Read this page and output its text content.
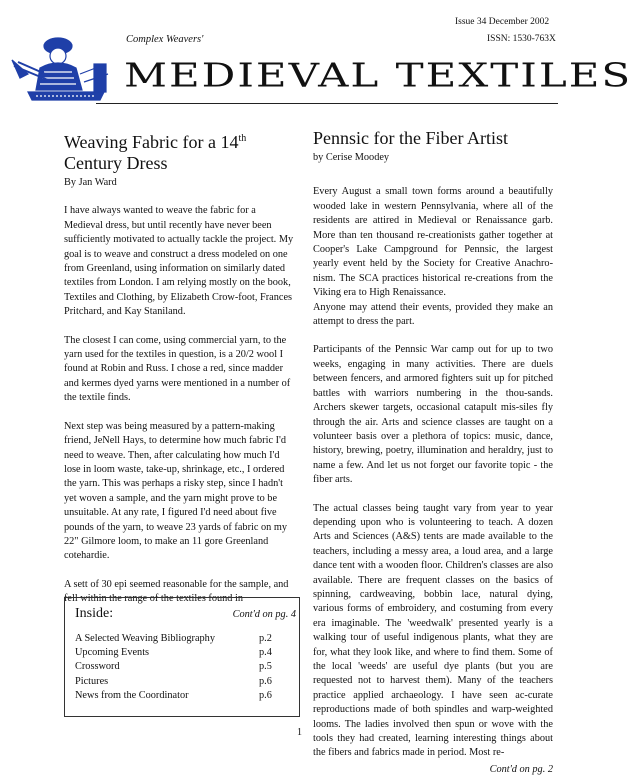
Issue 34 December 2002
ISSN: 1530-763X
Complex Weavers'
MEDIEVAL TEXTILES
Weaving Fabric for a 14th
Century Dress
By Jan Ward

I have always wanted to weave the fabric for a Medieval dress, but until recently have never been sufficiently motivated to actually tackle the project. My goal is to weave and construct a dress modeled on one from Greenland, using information on similarly dated textiles from London. I am relying mostly on the book, Textiles and Clothing, by Elizabeth Crow-foot, Frances Pritchard, and Kay Staniland.

The closest I can come, using commercial yarn, to the yarn used for the textiles in question, is a 20/2 wool I found at Robin and Russ. I chose a red, since madder and kermes dyed yarns were mentioned in a number of the textile finds.

Next step was being measured by a pattern-making friend, JeNell Hays, to determine how much fabric I'd need to weave. Then, after calculating how much I'd lose in loom waste, take-up, shrinkage, etc., I ordered the yarn. This was perhaps a risky step, since I hadn't yet woven a sample, and the yarn might prove to be unsuitable. At any rate, I figured I'd need about five pounds of the yarn, to weave 23 yards of fabric on my 22" Gilmore loom, to make an 11 gore Greenland cotehardie.

A sett of 30 epi seemed reasonable for the sample, and fell within the range of the textiles found in

Cont'd on pg. 4
Pennsic for the Fiber Artist
by Cerise Moodey

Every August a small town forms around a beautifully wooded lake in western Pennsylvania, where all of the residents are attired in Medieval or Renaissance garb. More than ten thousand re-creationists gather together at Cooper's Lake Campground for Pennsic, the largest yearly event held by the Society for Creative Anachro-nism. The SCA practices historical re-creations from the Viking era to High Renaissance.

Anyone may attend their events, provided they make an attempt to dress the part.

Participants of the Pennsic War camp out for up to two weeks, engaging in many activities. There are duels between fencers, and armored fighters suit up for pitched battles with warriors numbering in the thou-sands. Archers skewer targets, occasional catapult mis-siles fly through the air. Arts and science classes are taught on a volunteer basis over a plethora of topics: music, dance, history, brewing, poetry, illumination and heraldry, just to name a few. And let us not forget our favorite topic - the fiber arts.

The actual classes being taught vary from year to year depending upon who is volunteering to teach. A dozen Arts and Sciences (A&S) tents are made available to the teachers, including a messy area, a loud area, and a large dance tent with a wooden floor. Children's classes are also available. There are frequent classes on the basics of spinning, cardweaving, bobbin lace, natural dying, various forms of embroidery, and costuming from every era imaginable. The 'weedwalk' presented yearly is a walking tour of useful indigenous plants, what they are for, what they look like, and where to find them. Some of the local 'weeds' are useful dye plants (but you are requested not to harvest them). Many of the teachers practice applied archaeology. I have seen ac-curate reproductions made of both spindles and warp-weighted looms. The ladies involved then spun or wove with the tools they had created, learning interesting things about the fibers and fabrics made in period. Most re-

Cont'd on pg. 2
Inside:
A Selected Weaving Bibliography	p.2
Upcoming Events	p.4
Crossword	p.5
Pictures	p.6
News from the Coordinator	p.6
1
